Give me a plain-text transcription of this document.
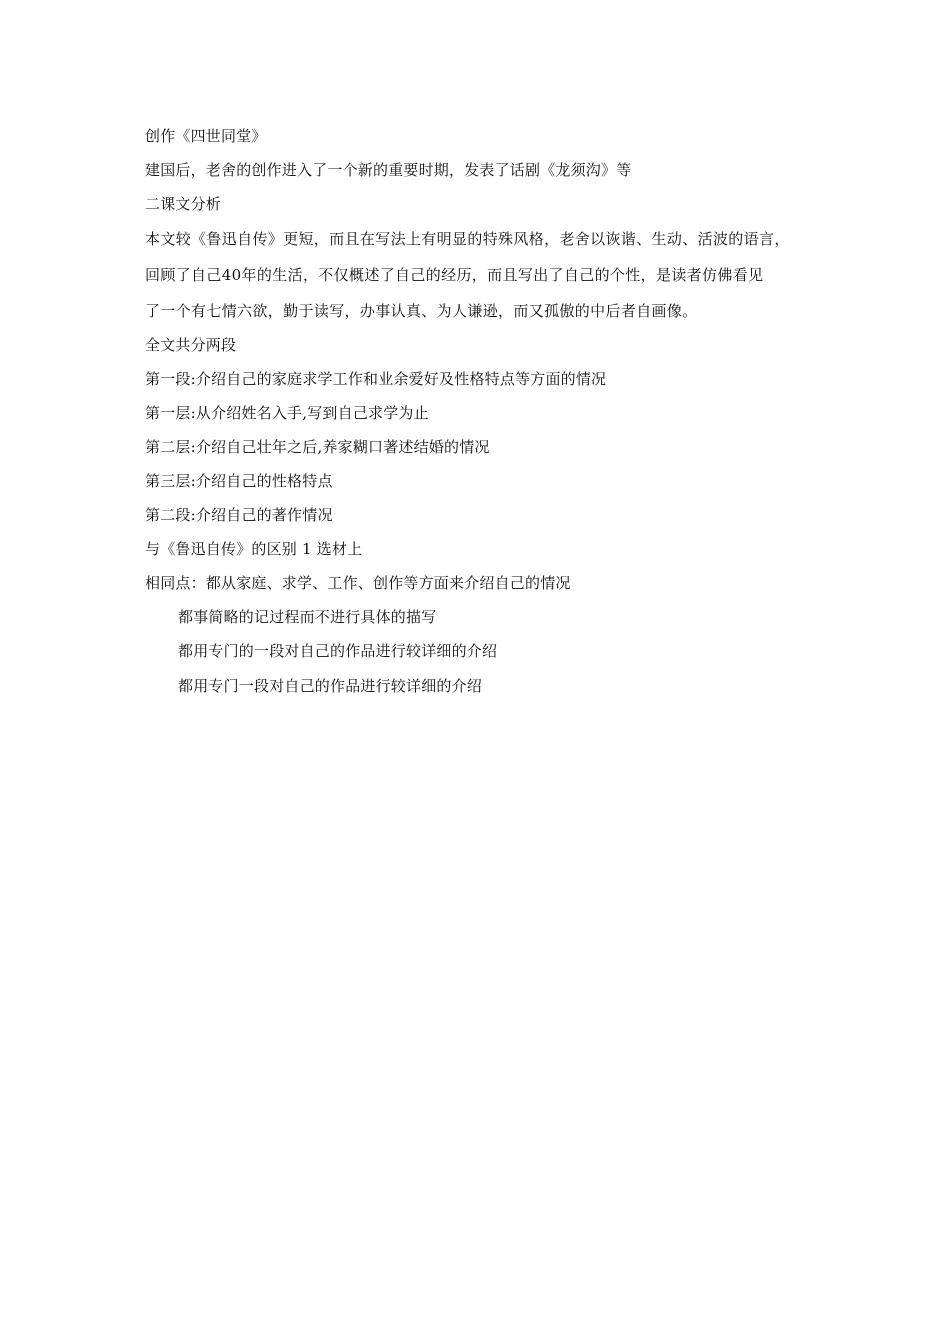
创作《四世同堂》
建国后，老舍的创作进入了一个新的重要时期，发表了话剧《龙须沟》等
二课文分析
本文较《鲁迅自传》更短，而且在写法上有明显的特殊风格，老舍以诙谐、生动、活波的语言，
回顾了自己40年的生活，不仅概述了自己的经历，而且写出了自己的个性，是读者仿佛看见
了一个有七情六欲，勤于读写，办事认真、为人谦逊，而又孤傲的中后者自画像。
全文共分两段
第一段:介绍自己的家庭求学工作和业余爱好及性格特点等方面的情况
第一层:从介绍姓名入手,写到自己求学为止
第二层:介绍自己壮年之后,养家糊口著述结婚的情况
第三层:介绍自己的性格特点
第二段:介绍自己的著作情况
与《鲁迅自传》的区别 1 选材上
相同点：都从家庭、求学、工作、创作等方面来介绍自己的情况
都事简略的记过程而不进行具体的描写
都用专门的一段对自己的作品进行较详细的介绍
都用专门一段对自己的作品进行较详细的介绍
